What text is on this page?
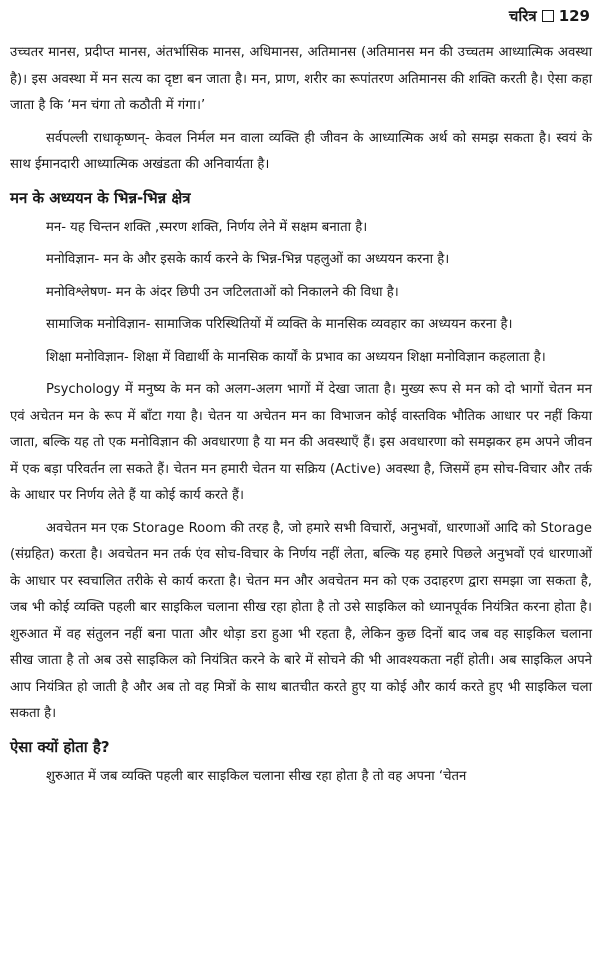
चरित्र 129

उच्चतर मानस, प्रदीप्त मानस, अंतर्भासिक मानस, अधिमानस, अतिमानस (अतिमानस मन की उच्चतम आध्यात्मिक अवस्था है)। इस अवस्था में मन सत्य का दृष्टा बन जाता है। मन, प्राण, शरीर का रूपांतरण अतिमानस की शक्ति करती है। ऐसा कहा जाता है कि ‘मन चंगा तो कठौती में गंगा।’

सर्वपल्ली राधाकृष्णन्- केवल निर्मल मन वाला व्यक्ति ही जीवन के आध्यात्मिक अर्थ को समझ सकता है। स्वयं के साथ ईमानदारी आध्यात्मिक अखंडता की अनिवार्यता है।

मन के अध्ययन के भिन्न-भिन्न क्षेत्र

मन- यह चिन्तन शक्ति ,स्मरण शक्ति, निर्णय लेने में सक्षम बनाता है।

मनोविज्ञान- मन के और इसके कार्य करने के भिन्न-भिन्न पहलुओं का अध्ययन करना है।

मनोविश्लेषण- मन के अंदर छिपी उन जटिलताओं को निकालने की विधा है।

सामाजिक मनोविज्ञान- सामाजिक परिस्थितियों में व्यक्ति के मानसिक व्यवहार का अध्ययन करना है।

शिक्षा मनोविज्ञान- शिक्षा में विद्यार्थी के मानसिक कार्यों के प्रभाव का अध्ययन शिक्षा मनोविज्ञान कहलाता है।

Psychology में मनुष्य के मन को अलग-अलग भागों में देखा जाता है। मुख्य रूप से मन को दो भागों चेतन मन एवं अचेतन मन के रूप में बाँटा गया है। चेतन या अचेतन मन का विभाजन कोई वास्तविक भौतिक आधार पर नहीं किया जाता, बल्कि यह तो एक मनोविज्ञान की अवधारणा है या मन की अवस्थाएँ हैं। इस अवधारणा को समझकर हम अपने जीवन में एक बड़ा परिवर्तन ला सकते हैं। चेतन मन हमारी चेतन या सक्रिय (Active) अवस्था है, जिसमें हम सोच-विचार और तर्क के आधार पर निर्णय लेते हैं या कोई कार्य करते हैं।

अवचेतन मन एक Storage Room की तरह है, जो हमारे सभी विचारों, अनुभवों, धारणाओं आदि को Storage (संग्रहित) करता है। अवचेतन मन तर्क एंव सोच-विचार के निर्णय नहीं लेता, बल्कि यह हमारे पिछले अनुभवों एवं धारणाओं के आधार पर स्वचालित तरीके से कार्य करता है। चेतन मन और अवचेतन मन को एक उदाहरण द्वारा समझा जा सकता है, जब भी कोई व्यक्ति पहली बार साइकिल चलाना सीख रहा होता है तो उसे साइकिल को ध्यानपूर्वक नियंत्रित करना होता है। शुरुआत में वह संतुलन नहीं बना पाता और थोड़ा डरा हुआ भी रहता है, लेकिन कुछ दिनों बाद जब वह साइकिल चलाना सीख जाता है तो अब उसे साइकिल को नियंत्रित करने के बारे में सोचने की भी आवश्यकता नहीं होती। अब साइकिल अपने आप नियंत्रित हो जाती है और अब तो वह मित्रों के साथ बातचीत करते हुए या कोई और कार्य करते हुए भी साइकिल चला सकता है।

ऐसा क्यों होता है?

शुरुआत में जब व्यक्ति पहली बार साइकिल चलाना सीख रहा होता है तो वह अपना ‘चेतन
